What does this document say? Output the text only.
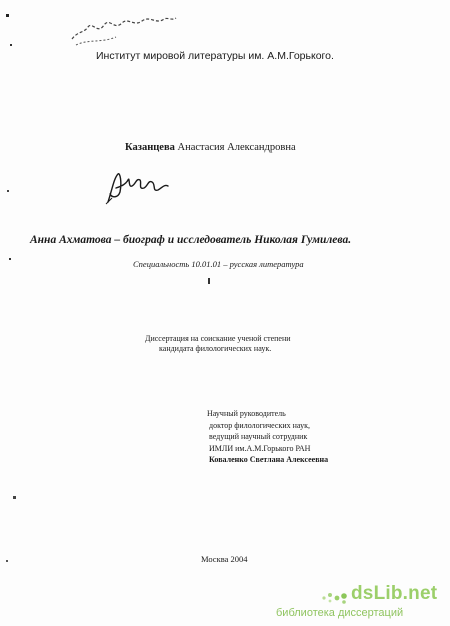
Институт мировой литературы им. А.М.Горького.
Казанцева Анастасия Александровна
Анна Ахматова – биограф и исследователь Николая Гумилева.
Специальность 10.01.01 – русская литература
Диссертация на соискание ученой степени
кандидата филологических наук.
Научный руководитель
доктор филологических наук,
ведущий научный сотрудник
ИМЛИ им.А.М.Горького РАН
Коваленко Светлана Алексеевна
Москва 2004
dsLib.net
библиотека диссертаций
